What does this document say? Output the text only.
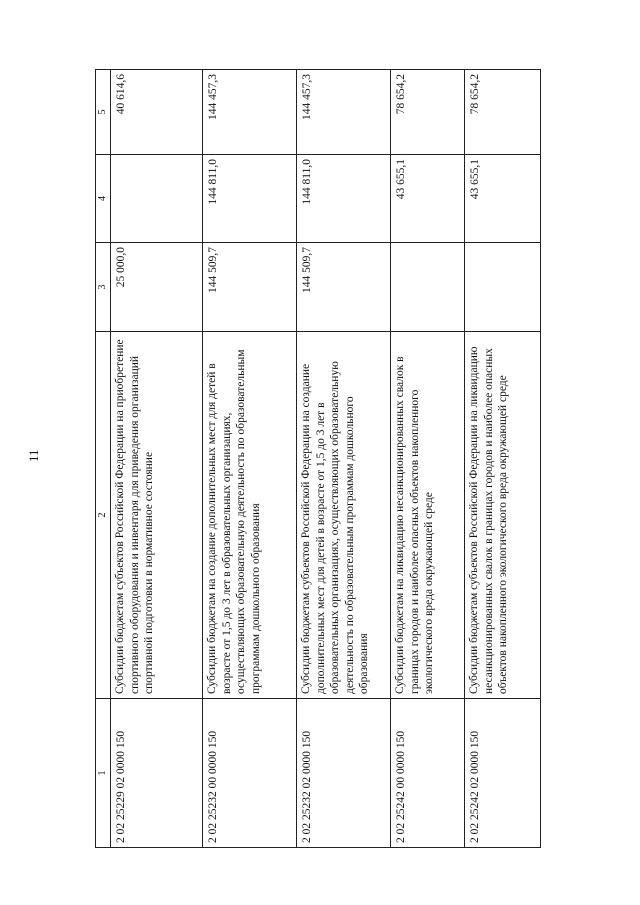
11
1	2	3	4	5
2 02 25229 02 0000 150	Субсидии бюджетам субъектов Российской Федерации на приобретение спортивного оборудования и инвентаря для приведения организаций спортивной подготовки в нормативное состояние	25 000,0		40 614,6
2 02 25232 00 0000 150	Субсидии бюджетам на создание дополнительных мест для детей в возрасте от 1,5 до 3 лет в образовательных организациях, осуществляющих образовательную деятельность по образовательным программам дошкольного образования	144 509,7	144 811,0	144 457,3
2 02 25232 02 0000 150	Субсидии бюджетам субъектов Российской Федерации на создание дополнительных мест для детей в возрасте от 1,5 до 3 лет в образовательных организациях, осуществляющих образовательную деятельность по образовательным программам дошкольного образования	144 509,7	144 811,0	144 457,3
2 02 25242 00 0000 150	Субсидии бюджетам на ликвидацию несанкционированных свалок в границах городов и наиболее опасных объектов накопленного экологического вреда окружающей среде		43 655,1	78 654,2
2 02 25242 02 0000 150	Субсидии бюджетам субъектов Российской Федерации на ликвидацию несанкционированных свалок в границах городов и наиболее опасных объектов накопленного экологического вреда окружающей среде		43 655,1	78 654,2
